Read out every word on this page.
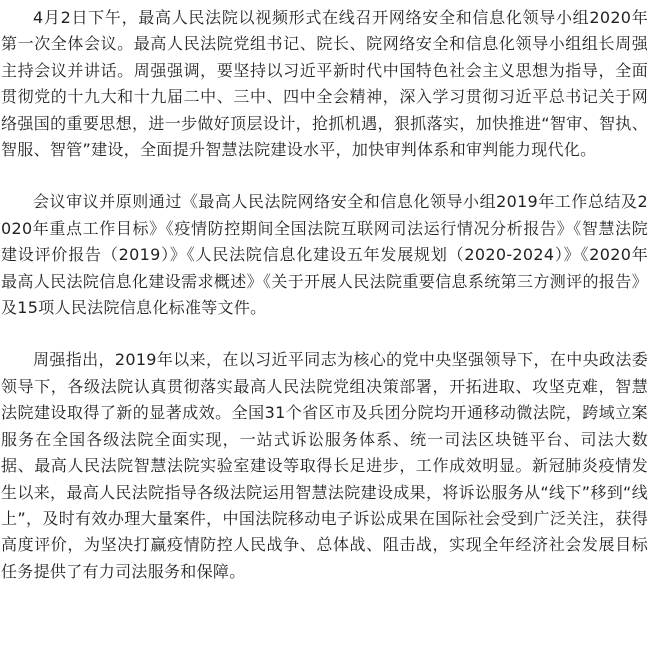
4月2日下午，最高人民法院以视频形式在线召开网络安全和信息化领导小组2020年第一次全体会议。最高人民法院党组书记、院长、院网络安全和信息化领导小组组长周强主持会议并讲话。周强强调，要坚持以习近平新时代中国特色社会主义思想为指导，全面贯彻党的十九大和十九届二中、三中、四中全会精神，深入学习贯彻习近平总书记关于网络强国的重要思想，进一步做好顶层设计，抢抓机遇，狠抓落实，加快推进“智审、智执、智服、智管”建设，全面提升智慧法院建设水平，加快审判体系和审判能力现代化。

会议审议并原则通过《最高人民法院网络安全和信息化领导小组2019年工作总结及2020年重点工作目标》《疫情防控期间全国法院互联网司法运行情况分析报告》《智慧法院建设评价报告（2019）》《人民法院信息化建设五年发展规划（2020-2024）》《2020年最高人民法院信息化建设需求概述》《关于开展人民法院重要信息系统第三方测评的报告》及15项人民法院信息化标准等文件。

周强指出，2019年以来，在以习近平同志为核心的党中央坚强领导下，在中央政法委领导下，各级法院认真贯彻落实最高人民法院党组决策部署，开拓进取、攻坚克难，智慧法院建设取得了新的显著成效。全国31个省区市及兵团分院均开通移动微法院，跨域立案服务在全国各级法院全面实现，一站式诉讼服务体系、统一司法区块链平台、司法大数据、最高人民法院智慧法院实验室建设等取得长足进步，工作成效明显。新冠肺炎疫情发生以来，最高人民法院指导各级法院运用智慧法院建设成果，将诉讼服务从“线下”移到“线上”，及时有效办理大量案件，中国法院移动电子诉讼成果在国际社会受到广泛关注，获得高度评价，为坚决打赢疫情防控人民战争、总体战、阻击战，实现全年经济社会发展目标任务提供了有力司法服务和保障。
